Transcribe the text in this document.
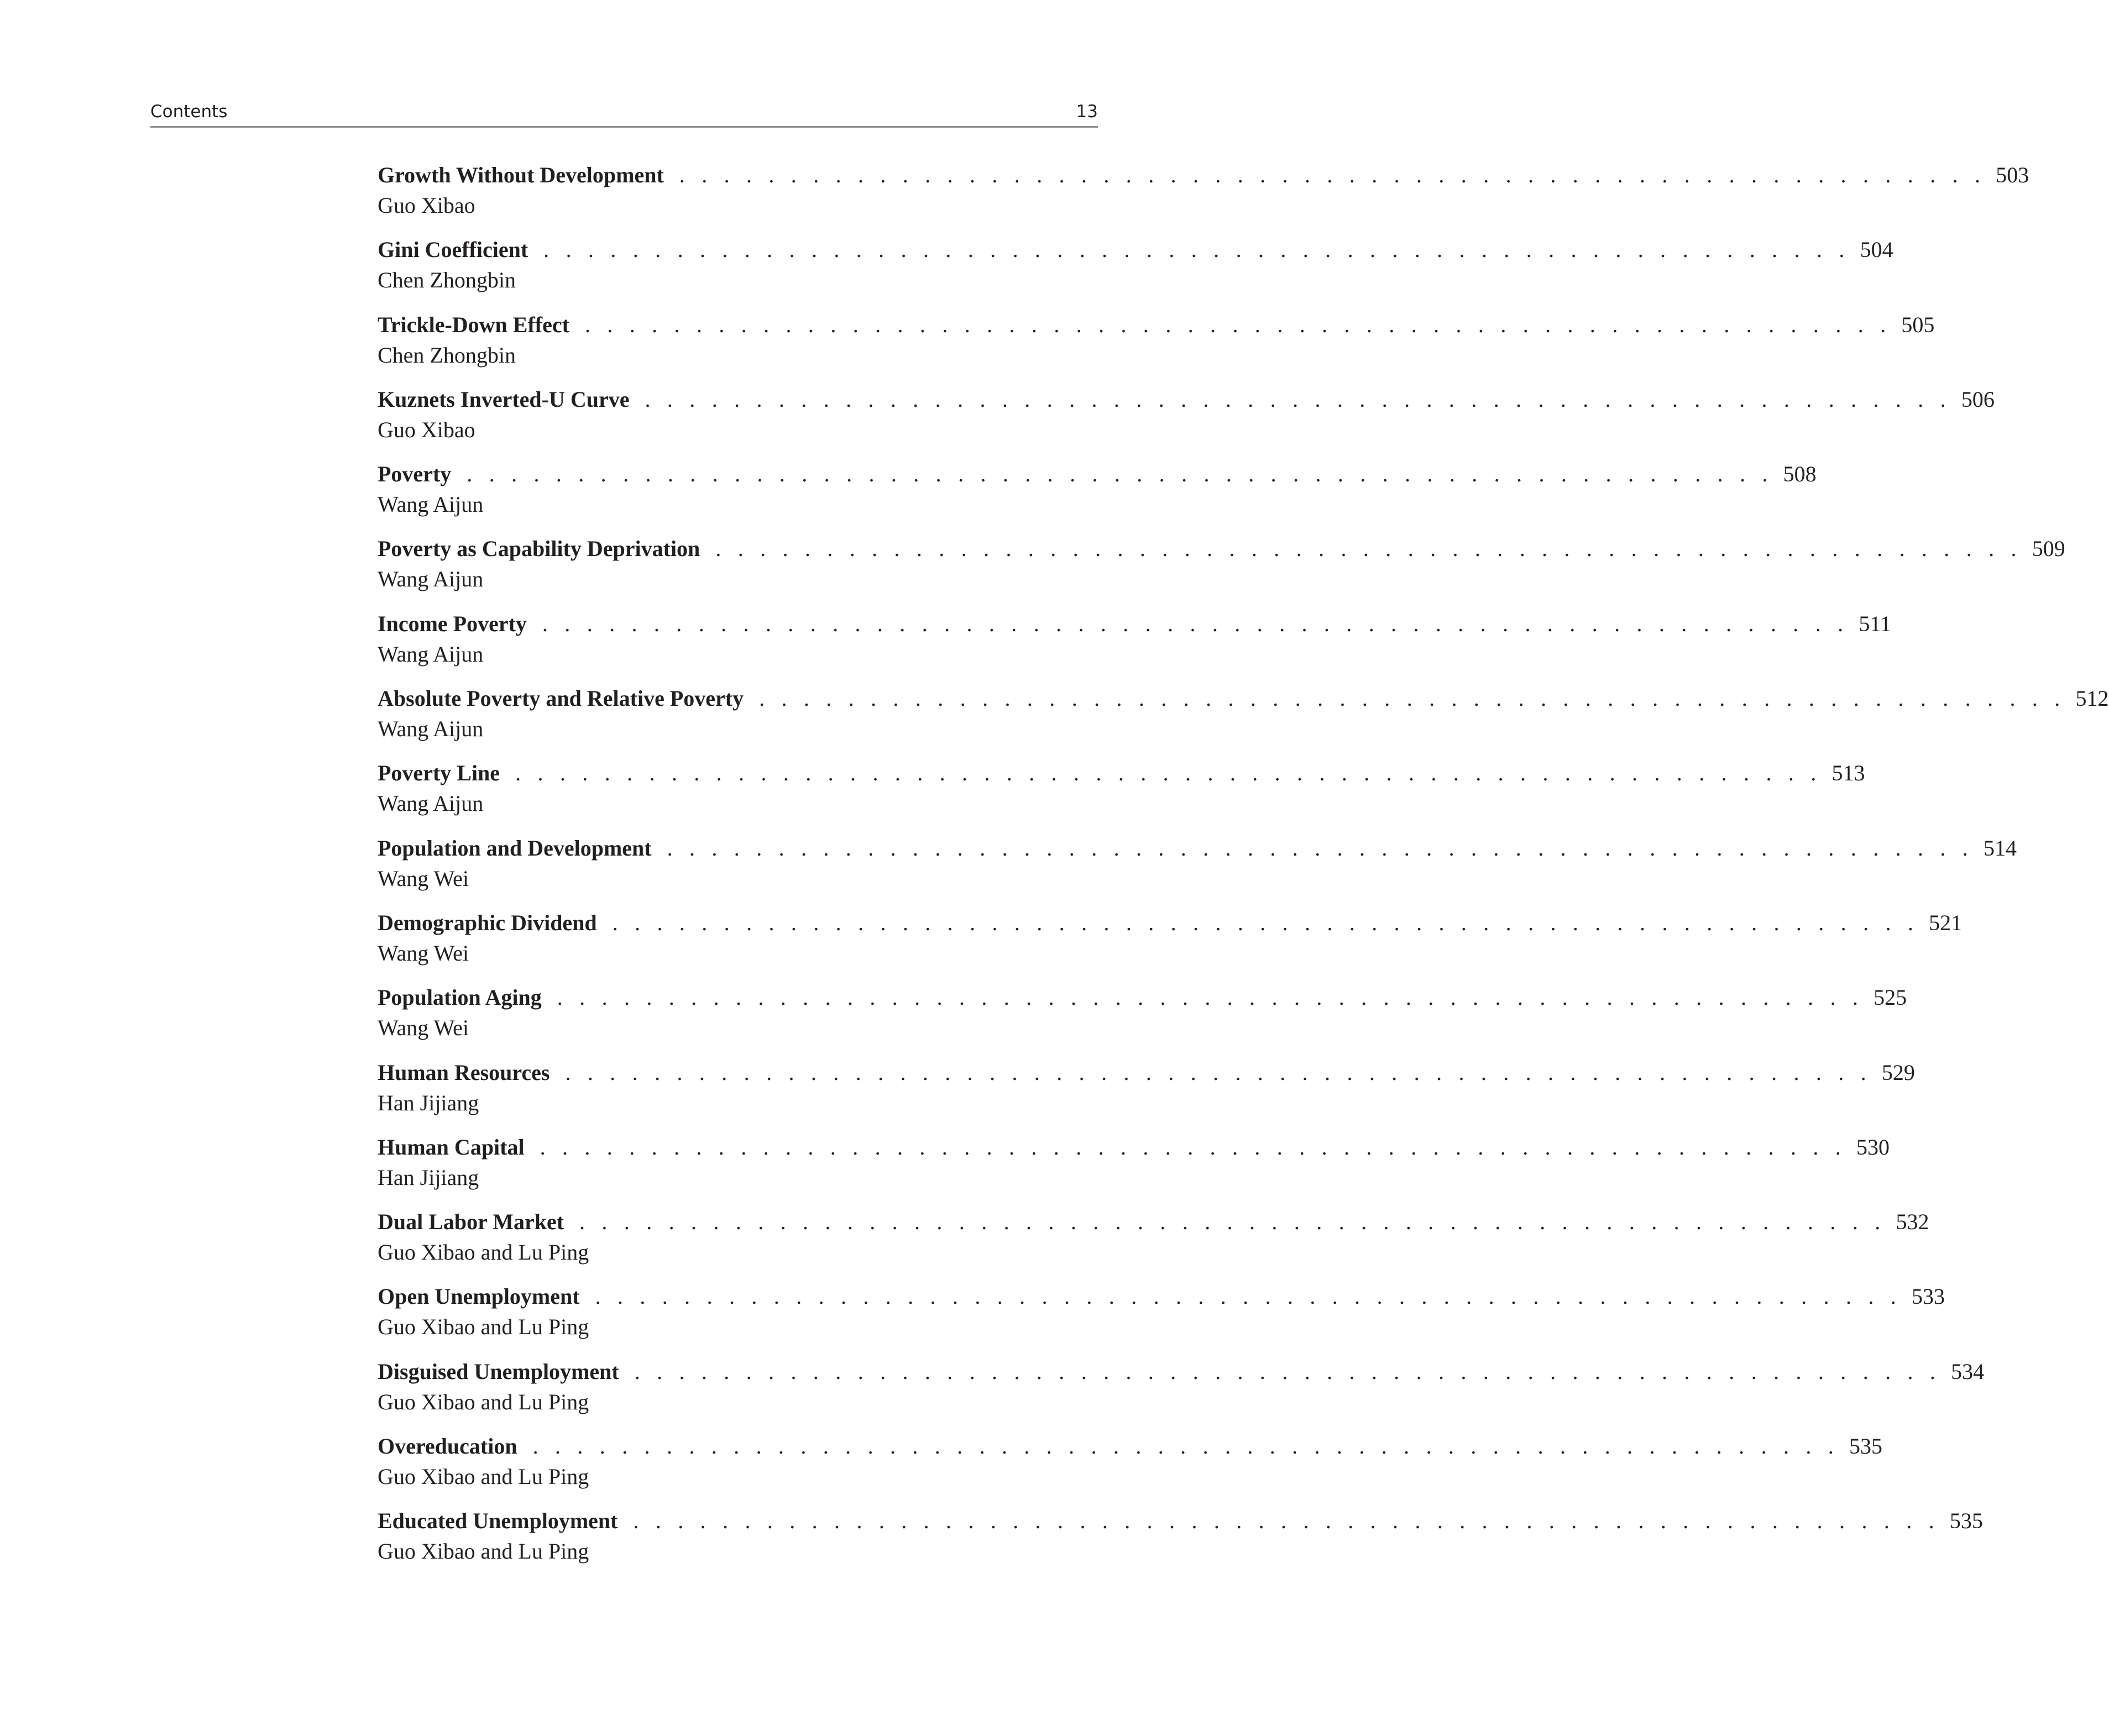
Contents	13
Growth Without Development . . . . . . . . . . . . . . . . . . . . . . . . . . . . . . . . . . . . . . . . . . . . . . . . . . . . . . . . . . . 503
Guo Xibao
Gini Coefficient . . . . . . . . . . . . . . . . . . . . . . . . . . . . . . . . . . . . . . . . . . . . . . . . . . . . . . . . . . . 504
Chen Zhongbin
Trickle-Down Effect . . . . . . . . . . . . . . . . . . . . . . . . . . . . . . . . . . . . . . . . . . . . . . . . . . . . . . . . . . . 505
Chen Zhongbin
Kuznets Inverted-U Curve . . . . . . . . . . . . . . . . . . . . . . . . . . . . . . . . . . . . . . . . . . . . . . . . . . . . . . . . . . . 506
Guo Xibao
Poverty . . . . . . . . . . . . . . . . . . . . . . . . . . . . . . . . . . . . . . . . . . . . . . . . . . . . . . . . . . . 508
Wang Aijun
Poverty as Capability Deprivation . . . . . . . . . . . . . . . . . . . . . . . . . . . . . . . . . . . . . . . . . . . . . . . . . . . . . . . . . . . 509
Wang Aijun
Income Poverty . . . . . . . . . . . . . . . . . . . . . . . . . . . . . . . . . . . . . . . . . . . . . . . . . . . . . . . . . . . 511
Wang Aijun
Absolute Poverty and Relative Poverty . . . . . . . . . . . . . . . . . . . . . . . . . . . . . . . . . . . . . . . . . . . . . . . . . . . . . . . . . . . 512
Wang Aijun
Poverty Line . . . . . . . . . . . . . . . . . . . . . . . . . . . . . . . . . . . . . . . . . . . . . . . . . . . . . . . . . . . 513
Wang Aijun
Population and Development . . . . . . . . . . . . . . . . . . . . . . . . . . . . . . . . . . . . . . . . . . . . . . . . . . . . . . . . . . . 514
Wang Wei
Demographic Dividend . . . . . . . . . . . . . . . . . . . . . . . . . . . . . . . . . . . . . . . . . . . . . . . . . . . . . . . . . . . 521
Wang Wei
Population Aging . . . . . . . . . . . . . . . . . . . . . . . . . . . . . . . . . . . . . . . . . . . . . . . . . . . . . . . . . . . 525
Wang Wei
Human Resources . . . . . . . . . . . . . . . . . . . . . . . . . . . . . . . . . . . . . . . . . . . . . . . . . . . . . . . . . . . 529
Han Jijiang
Human Capital . . . . . . . . . . . . . . . . . . . . . . . . . . . . . . . . . . . . . . . . . . . . . . . . . . . . . . . . . . . 530
Han Jijiang
Dual Labor Market . . . . . . . . . . . . . . . . . . . . . . . . . . . . . . . . . . . . . . . . . . . . . . . . . . . . . . . . . . . 532
Guo Xibao and Lu Ping
Open Unemployment . . . . . . . . . . . . . . . . . . . . . . . . . . . . . . . . . . . . . . . . . . . . . . . . . . . . . . . . . . . 533
Guo Xibao and Lu Ping
Disguised Unemployment . . . . . . . . . . . . . . . . . . . . . . . . . . . . . . . . . . . . . . . . . . . . . . . . . . . . . . . . . . . 534
Guo Xibao and Lu Ping
Overeducation . . . . . . . . . . . . . . . . . . . . . . . . . . . . . . . . . . . . . . . . . . . . . . . . . . . . . . . . . . . 535
Guo Xibao and Lu Ping
Educated Unemployment . . . . . . . . . . . . . . . . . . . . . . . . . . . . . . . . . . . . . . . . . . . . . . . . . . . . . . . . . . . 535
Guo Xibao and Lu Ping
